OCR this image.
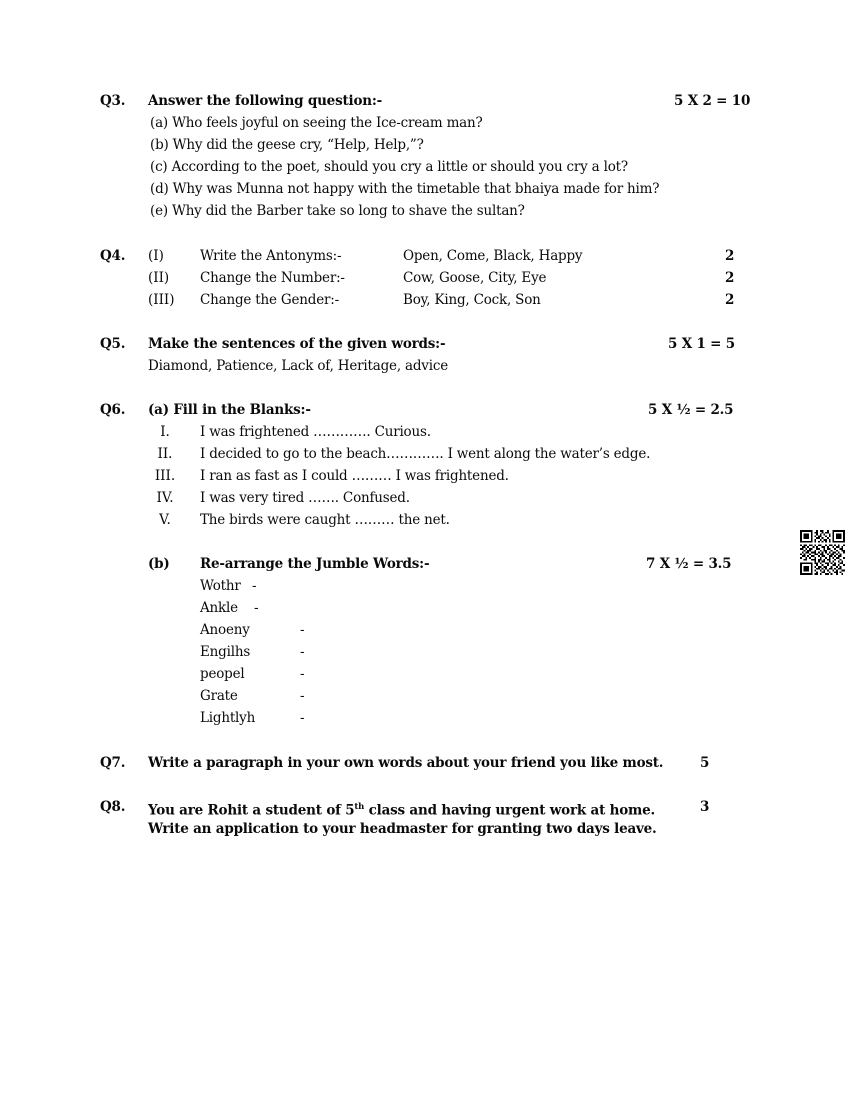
Q3. Answer the following question:-	5 X 2 = 10
(a) Who feels joyful on seeing the Ice-cream man?
(b) Why did the geese cry, “Help, Help,”?
(c) According to the poet, should you cry a little or should you cry a lot?
(d) Why was Munna not happy with the timetable that bhaiya made for him?
(e) Why did the Barber take so long to shave the sultan?
Q4. (I)	Write the Antonyms:-	Open, Come, Black, Happy	2
(II) Change the Number:-	Cow, Goose, City, Eye	2
(III) Change the Gender:-	Boy, King, Cock, Son	2
Q5. Make the sentences of the given words:-	5 X 1 = 5
Diamond, Patience, Lack of, Heritage, advice
Q6. (a) Fill in the Blanks:-	5 X ½ = 2.5
I.	I was frightened …………. Curious.
II.	I decided to go to the beach…………. I went along the water’s edge.
III.	I ran as fast as I could ……… I was frightened.
IV.	I was very tired ……. Confused.
V.	The birds were caught ……… the net.
(b) Re-arrange the Jumble Words:-	7 X ½ = 3.5
Wothr -
Ankle -
Anoeny	-
Engilhs	-
peopel	-
Grate	-
Lightlyh	-
Q7. Write a paragraph in your own words about your friend you like most.	5
Q8. You are Rohit a student of 5th class and having urgent work at home.	3
Write an application to your headmaster for granting two days leave.
